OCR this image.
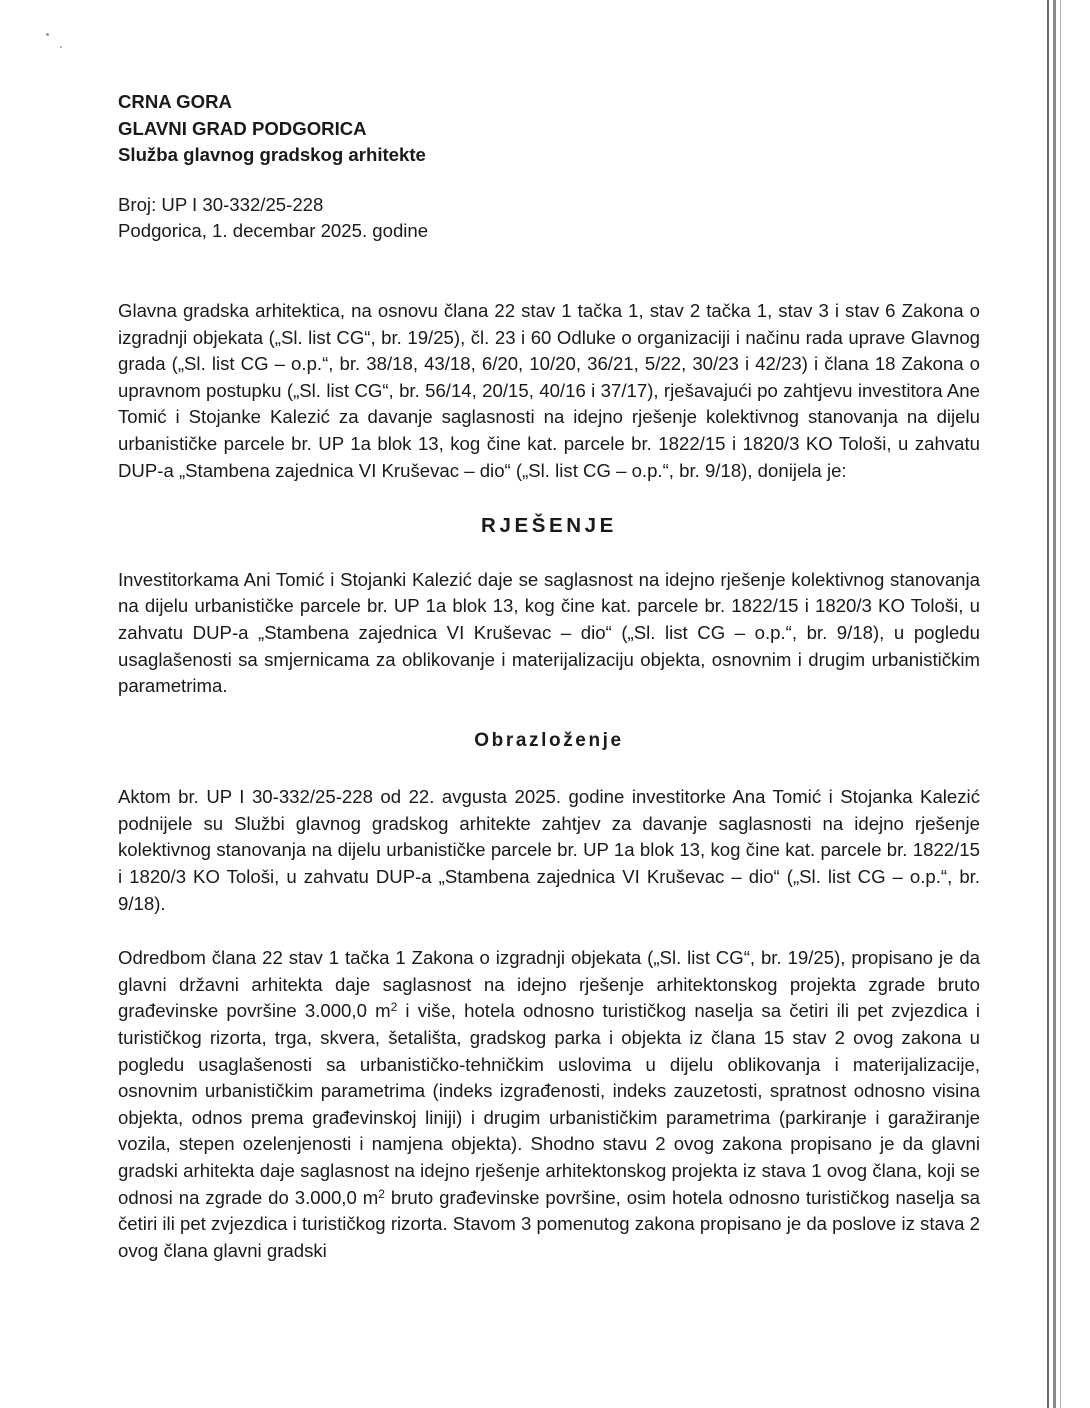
CRNA GORA

GLAVNI GRAD PODGORICA

Služba glavnog gradskog arhitekte

Broj: UP I 30-332/25-228

Podgorica, 1. decembar 2025. godine

Glavna gradska arhitektica, na osnovu člana 22 stav 1 tačka 1, stav 2 tačka 1, stav 3 i stav 6 Zakona o izgradnji objekata („Sl. list CG“, br. 19/25), čl. 23 i 60 Odluke o organizaciji i načinu rada uprave Glavnog grada („Sl. list CG – o.p.“, br. 38/18, 43/18, 6/20, 10/20, 36/21, 5/22, 30/23 i 42/23) i člana 18 Zakona o upravnom postupku („Sl. list CG“, br. 56/14, 20/15, 40/16 i 37/17), rješavajući po zahtjevu investitora Ane Tomić i Stojanke Kalezić za davanje saglasnosti na idejno rješenje kolektivnog stanovanja na dijelu urbanističke parcele br. UP 1a blok 13, kog čine kat. parcele br. 1822/15 i 1820/3 KO Tološi, u zahvatu DUP-a „Stambena zajednica VI Kruševac – dio“ („Sl. list CG – o.p.“, br. 9/18), donijela je:

RJEŠENJE

Investitorkama Ani Tomić i Stojanki Kalezić daje se saglasnost na idejno rješenje kolektivnog stanovanja na dijelu urbanističke parcele br. UP 1a blok 13, kog čine kat. parcele br. 1822/15 i 1820/3 KO Tološi, u zahvatu DUP-a „Stambena zajednica VI Kruševac – dio“ („Sl. list CG – o.p.“, br. 9/18), u pogledu usaglašenosti sa smjernicama za oblikovanje i materijalizaciju objekta, osnovnim i drugim urbanističkim parametrima.

Obrazloženje

Aktom br. UP I 30-332/25-228 od 22. avgusta 2025. godine investitorke Ana Tomić i Stojanka Kalezić podnijele su Službi glavnog gradskog arhitekte zahtjev za davanje saglasnosti na idejno rješenje kolektivnog stanovanja na dijelu urbanističke parcele br. UP 1a blok 13, kog čine kat. parcele br. 1822/15 i 1820/3 KO Tološi, u zahvatu DUP-a „Stambena zajednica VI Kruševac – dio“ („Sl. list CG – o.p.“, br. 9/18).

Odredbom člana 22 stav 1 tačka 1 Zakona o izgradnji objekata („Sl. list CG“, br. 19/25), propisano je da glavni državni arhitekta daje saglasnost na idejno rješenje arhitektonskog projekta zgrade bruto građevinske površine 3.000,0 $m^2$ i više, hotela odnosno turističkog naselja sa četiri ili pet zvjezdica i turističkog rizorta, trga, skvera, šetališta, gradskog parka i objekta iz člana 15 stav 2 ovog zakona u pogledu usaglašenosti sa urbanističko-tehničkim uslovima u dijelu oblikovanja i materijalizacije, osnovnim urbanističkim parametrima (indeks izgrađenosti, indeks zauzetosti, spratnost odnosno visina objekta, odnos prema građevinskoj liniji) i drugim urbanističkim parametrima (parkiranje i garažiranje vozila, stepen ozelenjenosti i namjena objekta). Shodno stavu 2 ovog zakona propisano je da glavni gradski arhitekta daje saglasnost na idejno rješenje arhitektonskog projekta iz stava 1 ovog člana, koji se odnosi na zgrade do 3.000,0 $m^2$ bruto građevinske površine, osim hotela odnosno turističkog naselja sa četiri ili pet zvjezdica i turističkog rizorta. Stavom 3 pomenutog zakona propisano je da poslove iz stava 2 ovog člana glavni gradski
